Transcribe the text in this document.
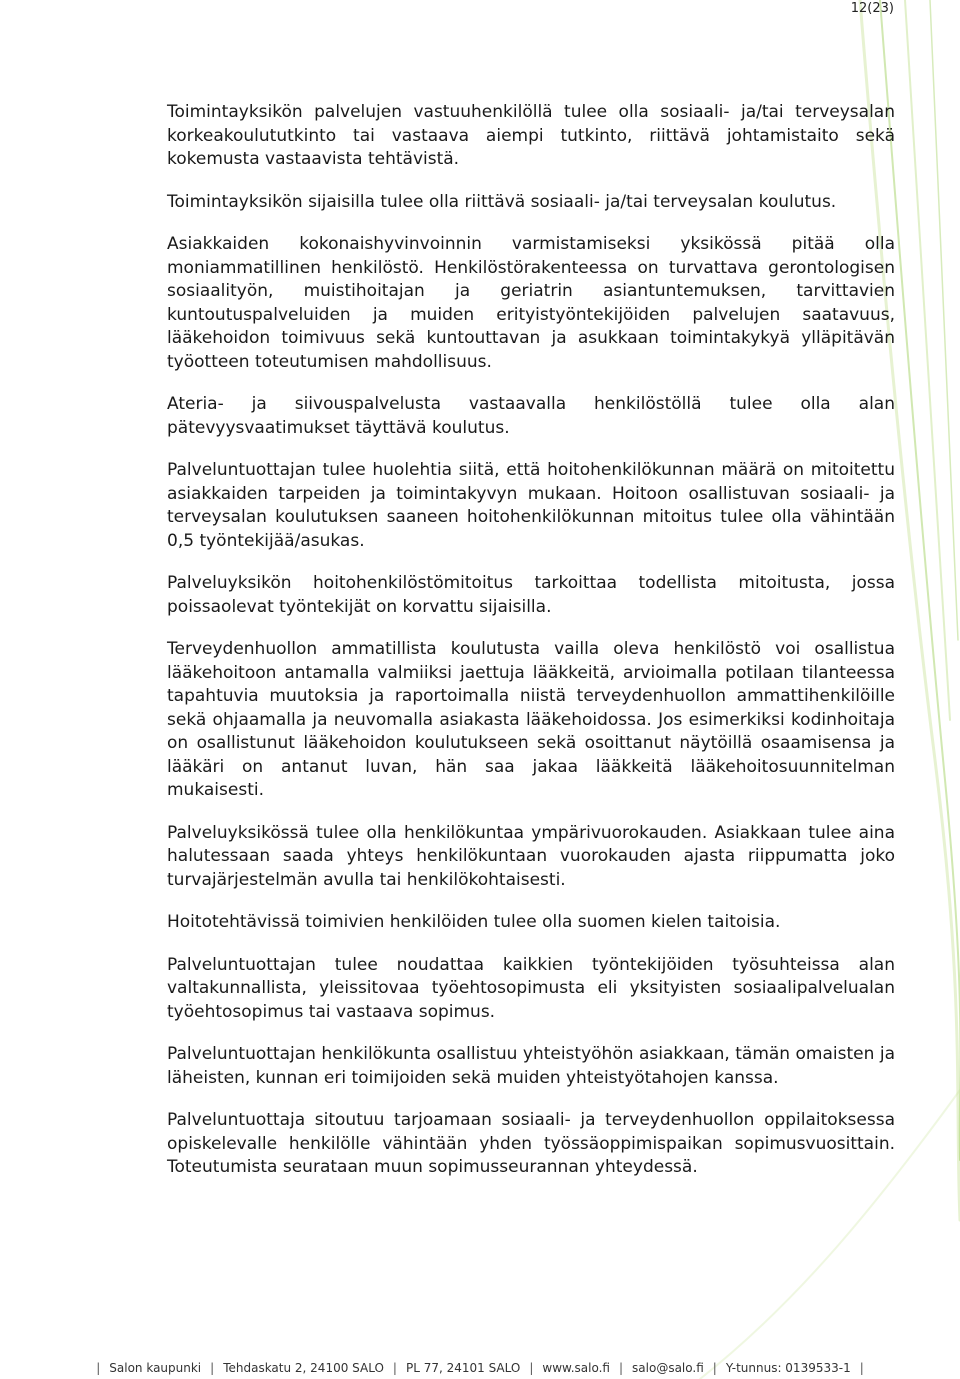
12(23)

Toimintayksikön palvelujen vastuuhenkilöllä tulee olla sosiaali- ja/tai terveysalan korkeakoulututkinto tai vastaava aiempi tutkinto, riittävä johtamistaito sekä kokemusta vastaavista tehtävistä.

Toimintayksikön sijaisilla tulee olla riittävä sosiaali- ja/tai terveysalan koulutus.

Asiakkaiden kokonaishyvinvoinnin varmistamiseksi yksikössä pitää olla moniammatillinen henkilöstö. Henkilöstörakenteessa on turvattava gerontologisen sosiaalityön, muistihoitajan ja geriatrin asiantuntemuksen, tarvittavien kuntoutuspalveluiden ja muiden erityistyöntekijöiden palvelujen saatavuus, lääkehoidon toimivuus sekä kuntouttavan ja asukkaan toimintakykyä ylläpitävän työotteen toteutumisen mahdollisuus.

Ateria- ja siivouspalvelusta vastaavalla henkilöstöllä tulee olla alan pätevyysvaatimukset täyttävä koulutus.

Palveluntuottajan tulee huolehtia siitä, että hoitohenkilökunnan määrä on mitoitettu asiakkaiden tarpeiden ja toimintakyvyn mukaan. Hoitoon osallistuvan sosiaali- ja terveysalan koulutuksen saaneen hoitohenkilökunnan mitoitus tulee olla vähintään 0,5 työntekijää/asukas.

Palveluyksikön hoitohenkilöstömitoitus tarkoittaa todellista mitoitusta, jossa poissaolevat työntekijät on korvattu sijaisilla.

Terveydenhuollon ammatillista koulutusta vailla oleva henkilöstö voi osallistua lääkehoitoon antamalla valmiiksi jaettuja lääkkeitä, arvioimalla potilaan tilanteessa tapahtuvia muutoksia ja raportoimalla niistä terveydenhuollon ammattihenkilöille sekä ohjaamalla ja neuvomalla asiakasta lääkehoidossa. Jos esimerkiksi kodinhoitaja on osallistunut lääkehoidon koulutukseen sekä osoittanut näytöillä osaamisensa ja lääkäri on antanut luvan, hän saa jakaa lääkkeitä lääkehoitosuunnitelman mukaisesti.

Palveluyksikössä tulee olla henkilökuntaa ympärivuorokauden. Asiakkaan tulee aina halutessaan saada yhteys henkilökuntaan vuorokauden ajasta riippumatta joko turvajärjestelmän avulla tai henkilökohtaisesti.

Hoitotehtävissä toimivien henkilöiden tulee olla suomen kielen taitoisia.

Palveluntuottajan tulee noudattaa kaikkien työntekijöiden työsuhteissa alan valtakunnallista, yleissitovaa työehtosopimusta eli yksityisten sosiaalipalvelualan työehtosopimus tai vastaava sopimus.

Palveluntuottajan henkilökunta osallistuu yhteistyöhön asiakkaan, tämän omaisten ja läheisten, kunnan eri toimijoiden sekä muiden yhteistyötahojen kanssa.

Palveluntuottaja sitoutuu tarjoamaan sosiaali- ja terveydenhuollon oppilaitoksessa opiskelevalle henkilölle vähintään yhden työssäoppimispaikan sopimusvuosittain. Toteutumista seurataan muun sopimusseurannan yhteydessä.

| Salon kaupunki | Tehdaskatu 2, 24100 SALO | PL 77, 24101 SALO | www.salo.fi | salo@salo.fi | Y-tunnus: 0139533-1 |
